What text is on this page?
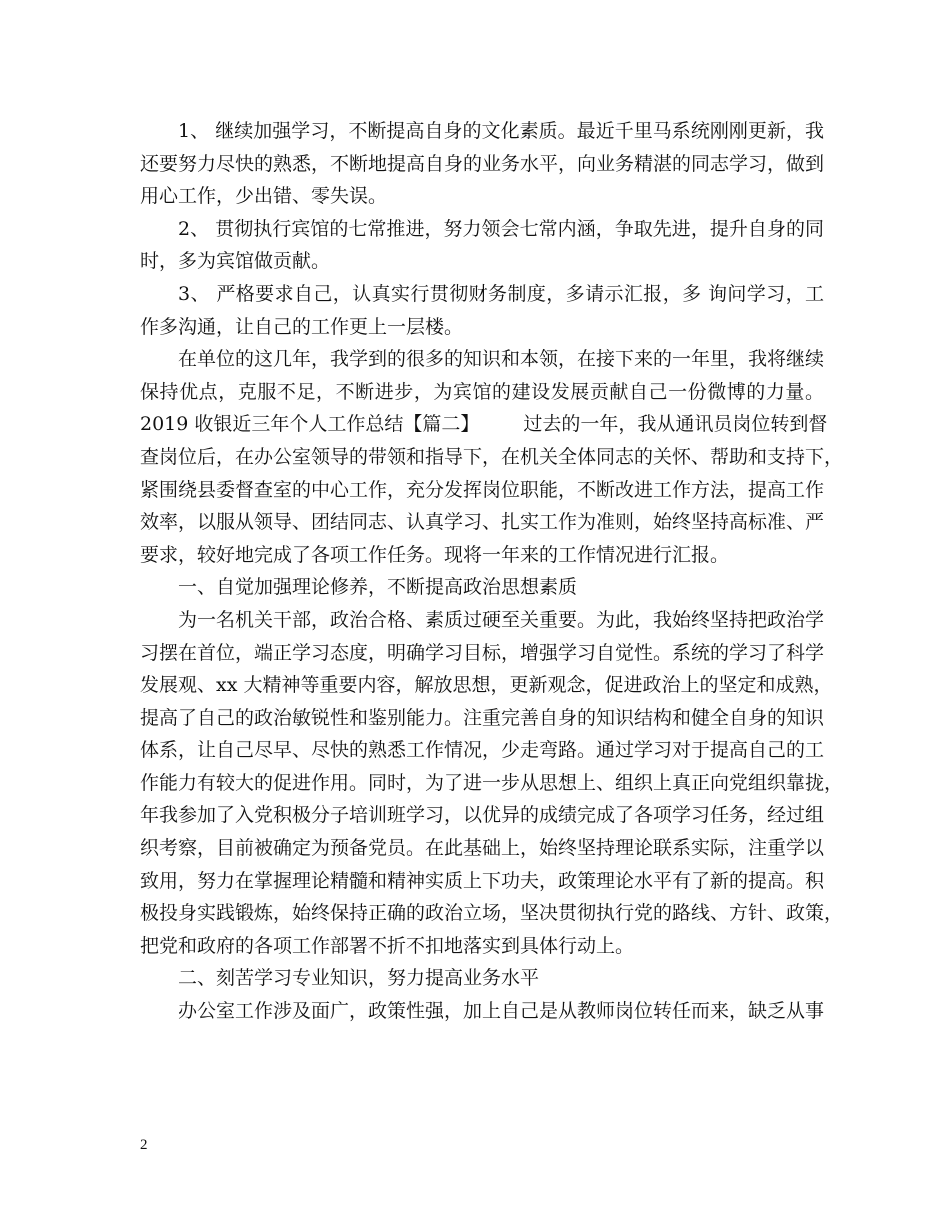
1、 继续加强学习，不断提高自身的文化素质。最近千里马系统刚刚更新，我
还要努力尽快的熟悉，不断地提高自身的业务水平，向业务精湛的同志学习，做到
用心工作，少出错、零失误。
2、 贯彻执行宾馆的七常推进，努力领会七常内涵，争取先进，提升自身的同
时，多为宾馆做贡献。
3、 严格要求自己，认真实行贯彻财务制度，多请示汇报，多 询问学习，工
作多沟通，让自己的工作更上一层楼。
在单位的这几年，我学到的很多的知识和本领，在接下来的一年里，我将继续
保持优点，克服不足，不断进步，为宾馆的建设发展贡献自己一份微博的力量。
2019 收银近三年个人工作总结【篇二】 过去的一年，我从通讯员岗位转到督
查岗位后，在办公室领导的带领和指导下，在机关全体同志的关怀、帮助和支持下，
紧围绕县委督查室的中心工作，充分发挥岗位职能，不断改进工作方法，提高工作
效率，以服从领导、团结同志、认真学习、扎实工作为准则，始终坚持高标准、严
要求，较好地完成了各项工作任务。现将一年来的工作情况进行汇报。
一、自觉加强理论修养，不断提高政治思想素质
为一名机关干部，政治合格、素质过硬至关重要。为此，我始终坚持把政治学
习摆在首位，端正学习态度，明确学习目标，增强学习自觉性。系统的学习了科学
发展观、xx 大精神等重要内容，解放思想，更新观念，促进政治上的坚定和成熟，
提高了自己的政治敏锐性和鉴别能力。注重完善自身的知识结构和健全自身的知识
体系，让自己尽早、尽快的熟悉工作情况，少走弯路。通过学习对于提高自己的工
作能力有较大的促进作用。同时，为了进一步从思想上、组织上真正向党组织靠拢，
年我参加了入党积极分子培训班学习，以优异的成绩完成了各项学习任务，经过组
织考察，目前被确定为预备党员。在此基础上，始终坚持理论联系实际，注重学以
致用，努力在掌握理论精髓和精神实质上下功夫，政策理论水平有了新的提高。积
极投身实践锻炼，始终保持正确的政治立场，坚决贯彻执行党的路线、方针、政策，
把党和政府的各项工作部署不折不扣地落实到具体行动上。
二、刻苦学习专业知识，努力提高业务水平
办公室工作涉及面广，政策性强，加上自己是从教师岗位转任而来，缺乏从事
2
